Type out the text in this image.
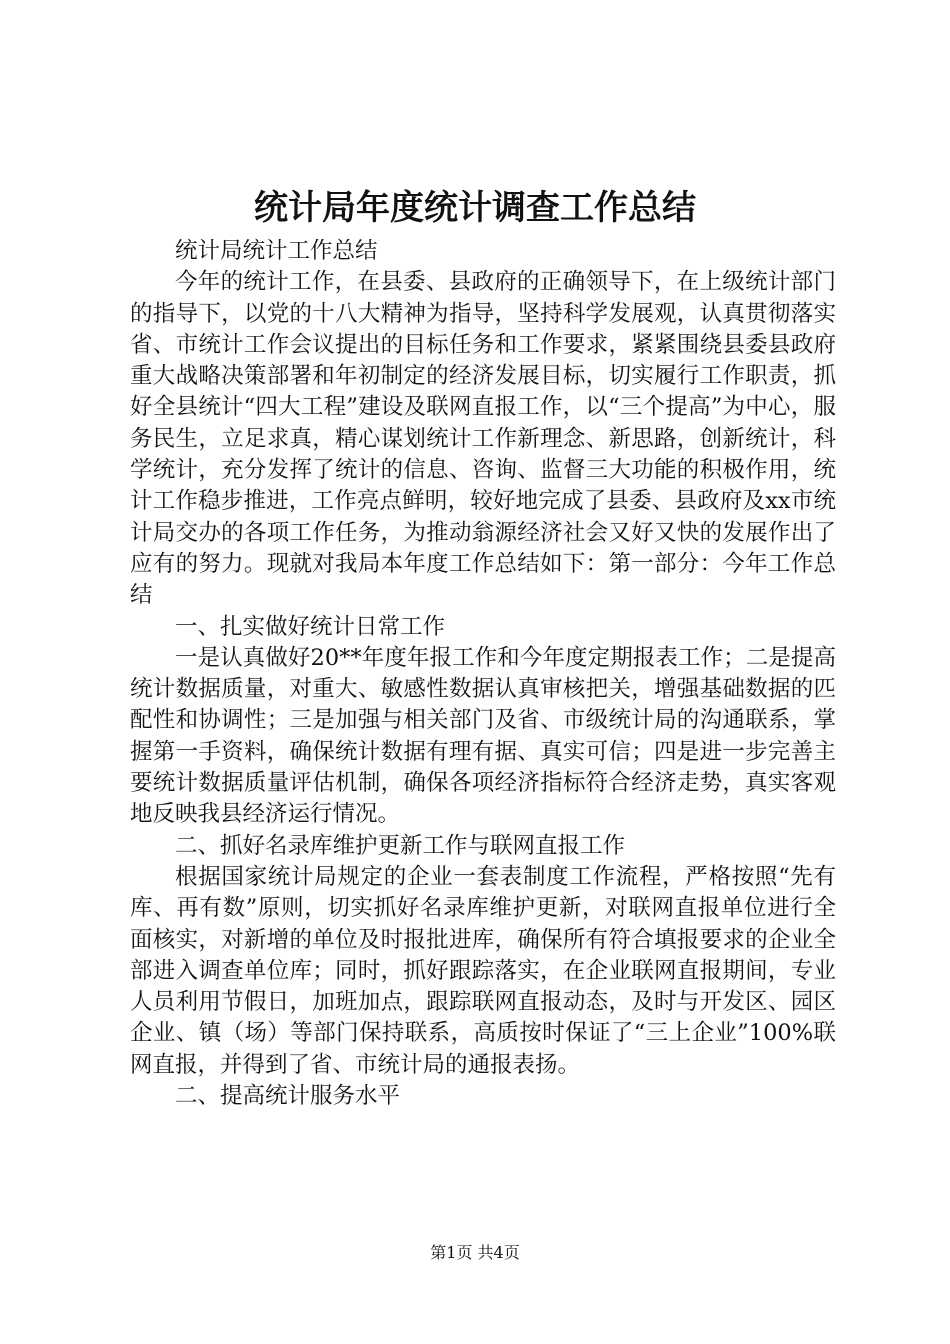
统计局年度统计调查工作总结

统计局统计工作总结

今年的统计工作，在县委、县政府的正确领导下，在上级统计部门的指导下，以党的十八大精神为指导，坚持科学发展观，认真贯彻落实省、市统计工作会议提出的目标任务和工作要求，紧紧围绕县委县政府重大战略决策部署和年初制定的经济发展目标，切实履行工作职责，抓好全县统计“四大工程”建设及联网直报工作，以“三个提高”为中心，服务民生，立足求真，精心谋划统计工作新理念、新思路，创新统计，科学统计，充分发挥了统计的信息、咨询、监督三大功能的积极作用，统计工作稳步推进，工作亮点鲜明，较好地完成了县委、县政府及xx市统计局交办的各项工作任务，为推动翁源经济社会又好又快的发展作出了应有的努力。现就对我局本年度工作总结如下：第一部分：今年工作总结

一、扎实做好统计日常工作

一是认真做好20**年度年报工作和今年度定期报表工作；二是提高统计数据质量，对重大、敏感性数据认真审核把关，增强基础数据的匹配性和协调性；三是加强与相关部门及省、市级统计局的沟通联系，掌握第一手资料，确保统计数据有理有据、真实可信；四是进一步完善主要统计数据质量评估机制，确保各项经济指标符合经济走势，真实客观地反映我县经济运行情况。

二、抓好名录库维护更新工作与联网直报工作

根据国家统计局规定的企业一套表制度工作流程，严格按照“先有库、再有数”原则，切实抓好名录库维护更新，对联网直报单位进行全面核实，对新增的单位及时报批进库，确保所有符合填报要求的企业全部进入调查单位库；同时，抓好跟踪落实，在企业联网直报期间，专业人员利用节假日，加班加点，跟踪联网直报动态，及时与开发区、园区企业、镇（场）等部门保持联系，高质按时保证了“三上企业”100%联网直报，并得到了省、市统计局的通报表扬。

二、提高统计服务水平

第1页 共4页
